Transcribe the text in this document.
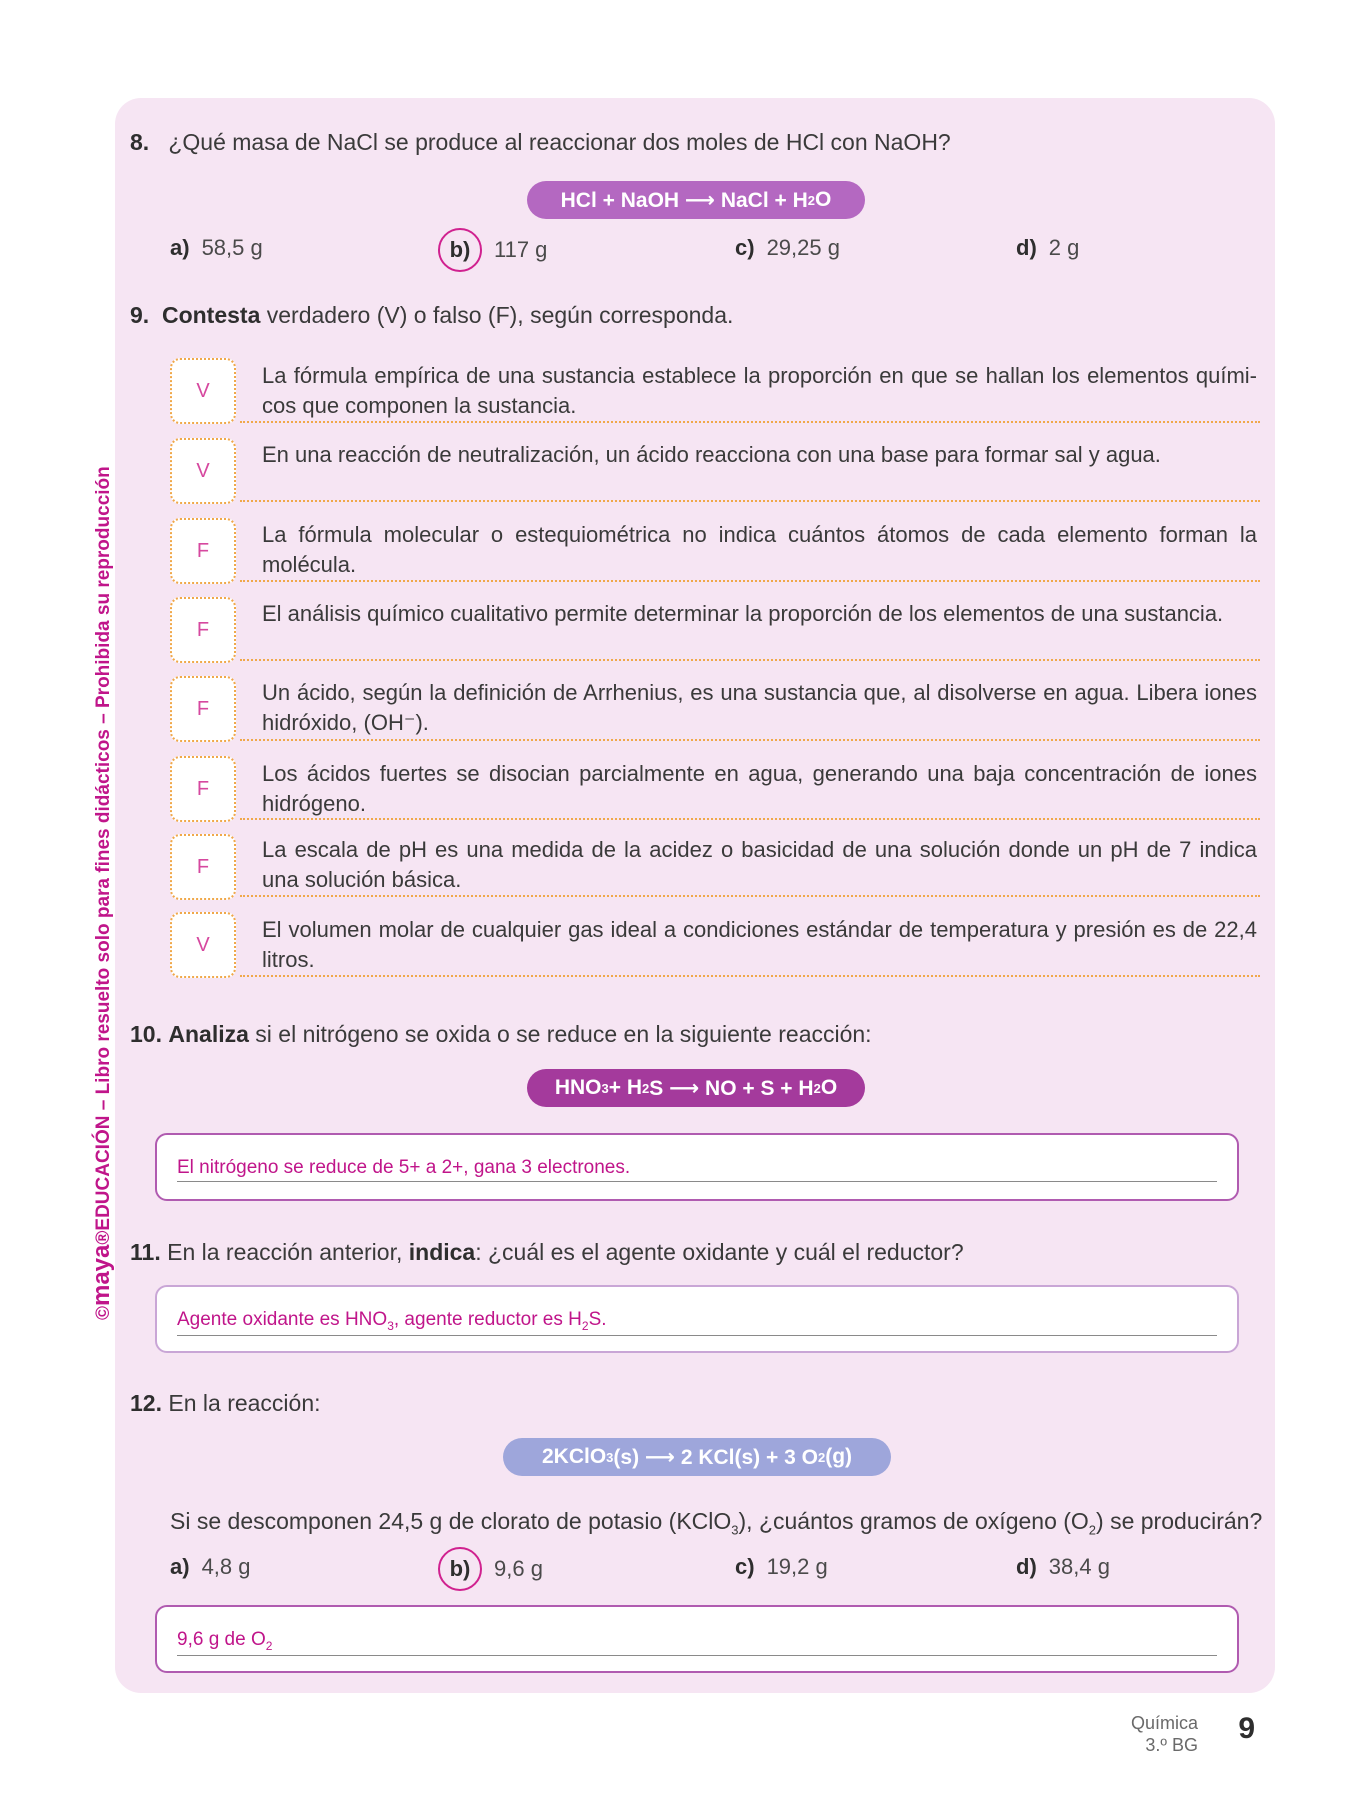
©maya®EDUCACIÓN – Libro resuelto solo para fines didácticos – Prohibida su reproducción
8. ¿Qué masa de NaCl se produce al reaccionar dos moles de HCl con NaOH?
HCl + NaOH ⟶ NaCl + H 2 O
a) 58,5 g	b) 117 g	c) 29,25 g	d) 2 g
9. Contesta verdadero (V) o falso (F), según corresponda.
V
La fórmula empírica de una sustancia establece la proporción en que se hallan los elementos quími-cos que componen la sustancia.
V
En una reacción de neutralización, un ácido reacciona con una base para formar sal y agua.
F
La fórmula molecular o estequiométrica no indica cuántos átomos de cada elemento forman la molécula.
F
El análisis químico cualitativo permite determinar la proporción de los elementos de una sustancia.
F
Un ácido, según la definición de Arrhenius, es una sustancia que, al disolverse en agua. Libera iones hidróxido, (OH⁻).
F
Los ácidos fuertes se disocian parcialmente en agua, generando una baja concentración de iones hidrógeno.
F
La escala de pH es una medida de la acidez o basicidad de una solución donde un pH de 7 indica una solución básica.
V
El volumen molar de cualquier gas ideal a condiciones estándar de temperatura y presión es de 22,4 litros.
10. Analiza si el nitrógeno se oxida o se reduce en la siguiente reacción:
HNO 3 + H 2 S ⟶ NO + S + H 2 O
El nitrógeno se reduce de 5+ a 2+, gana 3 electrones.
11. En la reacción anterior, indica: ¿cuál es el agente oxidante y cuál el reductor?
Agente oxidante es $HNO_3$, agente reductor es $H_2S$.
12. En la reacción:
2KClO 3 (s) ⟶ 2 KCl(s) + 3 O 2 (g)
Si se descomponen 24,5 g de clorato de potasio (KClO$_3$), ¿cuántos gramos de oxígeno $(O_2)$ se producirán?
a) 4,8 g	b) 9,6 g	c) 19,2 g	d) 38,4 g
9,6 g de $O_2$
Química
3.º BG 9
